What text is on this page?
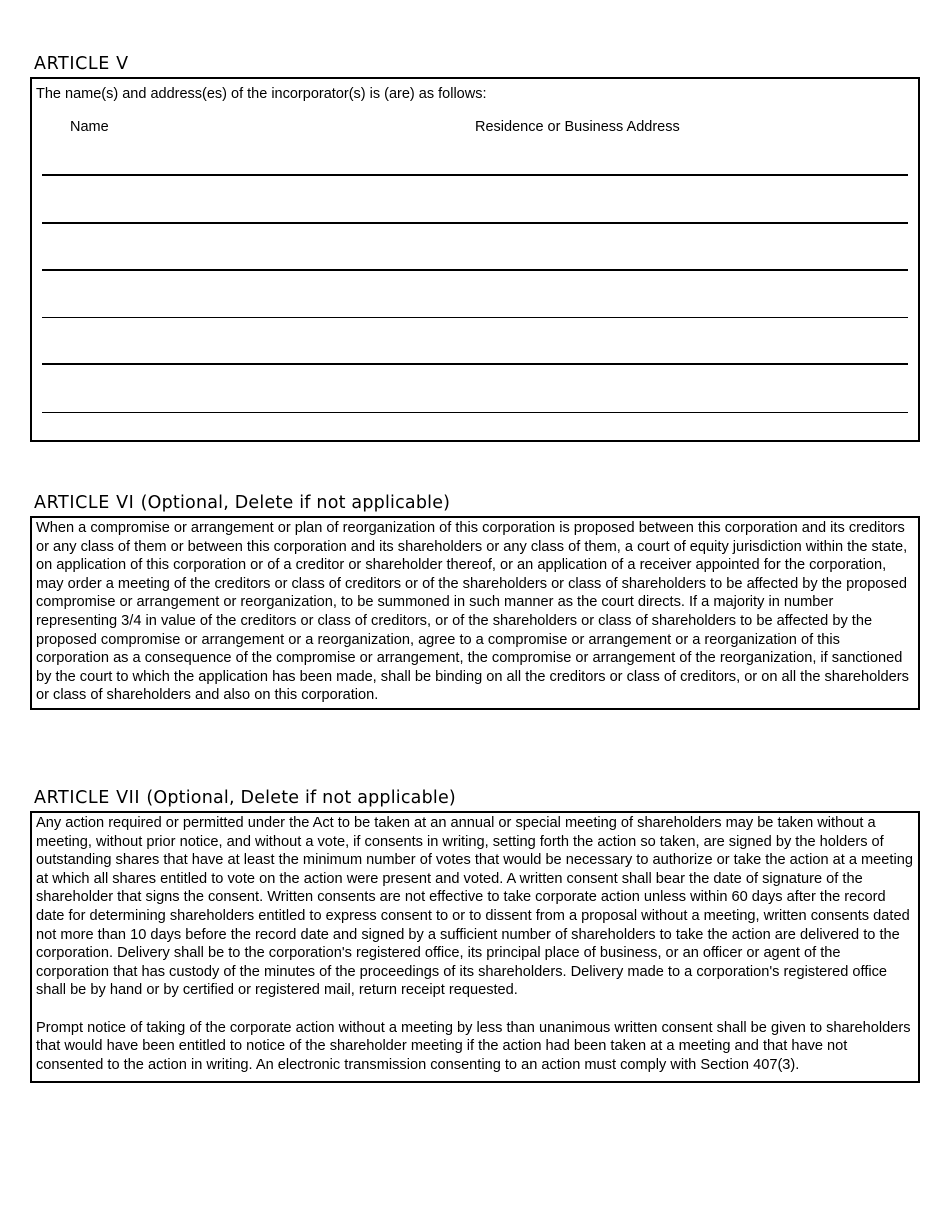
ARTICLE V
The name(s) and address(es) of the incorporator(s) is (are) as follows:
Name	Residence or Business Address
ARTICLE VI (Optional, Delete if not applicable)

When a compromise or arrangement or plan of reorganization of this corporation is proposed between this corporation and its creditors or any class of them or between this corporation and its shareholders or any class of them, a court of equity jurisdiction within the state, on application of this corporation or of a creditor or shareholder thereof, or an application of a receiver appointed for the corporation, may order a meeting of the creditors or class of creditors or of the shareholders or class of shareholders to be affected by the proposed compromise or arrangement or reorganization, to be summoned in such manner as the court directs. If a majority in number representing 3/4 in value of the creditors or class of creditors, or of the shareholders or class of shareholders to be affected by the proposed compromise or arrangement or a reorganization, agree to a compromise or arrangement or a reorganization of this corporation as a consequence of the compromise or arrangement, the compromise or arrangement of the reorganization, if sanctioned by the court to which the application has been made, shall be binding on all the creditors or class of creditors, or on all the shareholders or class of shareholders and also on this corporation.

ARTICLE VII (Optional, Delete if not applicable)

Any action required or permitted under the Act to be taken at an annual or special meeting of shareholders may be taken without a meeting, without prior notice, and without a vote, if consents in writing, setting forth the action so taken, are signed by the holders of outstanding shares that have at least the minimum number of votes that would be necessary to authorize or take the action at a meeting at which all shares entitled to vote on the action were present and voted. A written consent shall bear the date of signature of the shareholder that signs the consent. Written consents are not effective to take corporate action unless within 60 days after the record date for determining shareholders entitled to express consent to or to dissent from a proposal without a meeting, written consents dated not more than 10 days before the record date and signed by a sufficient number of shareholders to take the action are delivered to the corporation. Delivery shall be to the corporation's registered office, its principal place of business, or an officer or agent of the corporation that has custody of the minutes of the proceedings of its shareholders. Delivery made to a corporation's registered office shall be by hand or by certified or registered mail, return receipt requested.

Prompt notice of taking of the corporate action without a meeting by less than unanimous written consent shall be given to shareholders that would have been entitled to notice of the shareholder meeting if the action had been taken at a meeting and that have not consented to the action in writing. An electronic transmission consenting to an action must comply with Section 407(3).
